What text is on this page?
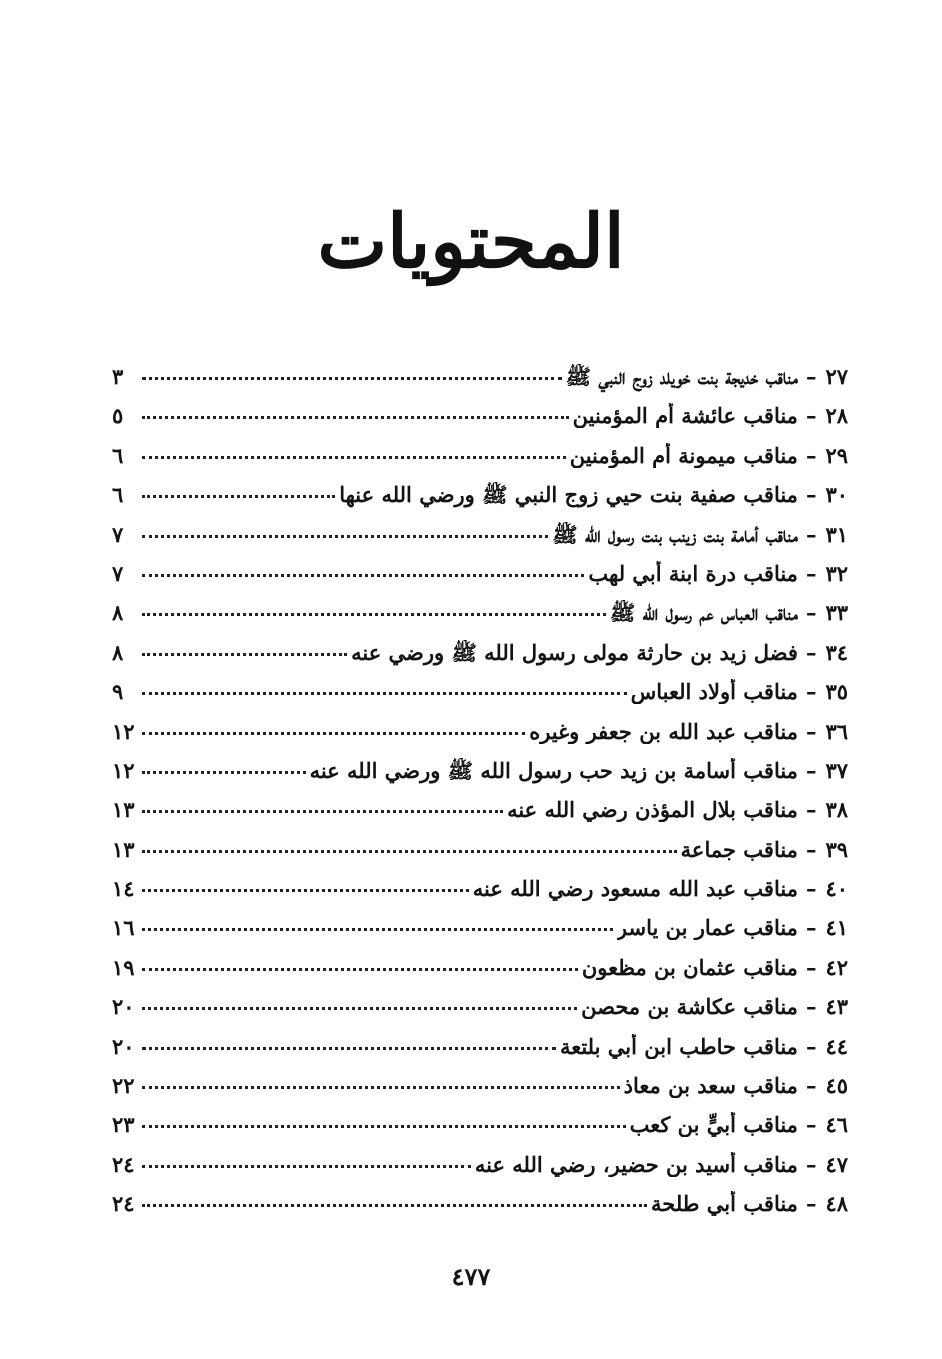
المحتويات
٢٧
–
مناقب خديجة بنت خويلد زوج النبي ﷺ
٣
٢٨
–
مناقب عائشة أم المؤمنين
٥
٢٩
–
مناقب ميمونة أم المؤمنين
٦
٣٠
–
مناقب صفية بنت حيي زوج النبي ﷺ ورضي الله عنها
٦
٣١
–
مناقب أمامة بنت زينب بنت رسول الله ﷺ
٧
٣٢
–
مناقب درة ابنة أبي لهب
٧
٣٣
–
مناقب العباس عم رسول الله ﷺ
٨
٣٤
–
فضل زيد بن حارثة مولى رسول الله ﷺ ورضي عنه
٨
٣٥
–
مناقب أولاد العباس
٩
٣٦
–
مناقب عبد الله بن جعفر وغيره
١٢
٣٧
–
مناقب أسامة بن زيد حب رسول الله ﷺ ورضي الله عنه
١٢
٣٨
–
مناقب بلال المؤذن رضي الله عنه
١٣
٣٩
–
مناقب جماعة
١٣
٤٠
–
مناقب عبد الله مسعود رضي الله عنه
١٤
٤١
–
مناقب عمار بن ياسر
١٦
٤٢
–
مناقب عثمان بن مظعون
١٩
٤٣
–
مناقب عكاشة بن محصن
٢٠
٤٤
–
مناقب حاطب ابن أبي بلتعة
٢٠
٤٥
–
مناقب سعد بن معاذ
٢٢
٤٦
–
مناقب أُبيٍّ بن كعب
٢٣
٤٧
–
مناقب أسيد بن حضير، رضي الله عنه
٢٤
٤٨
–
مناقب أبي طلحة
٢٤
٤٧٧
